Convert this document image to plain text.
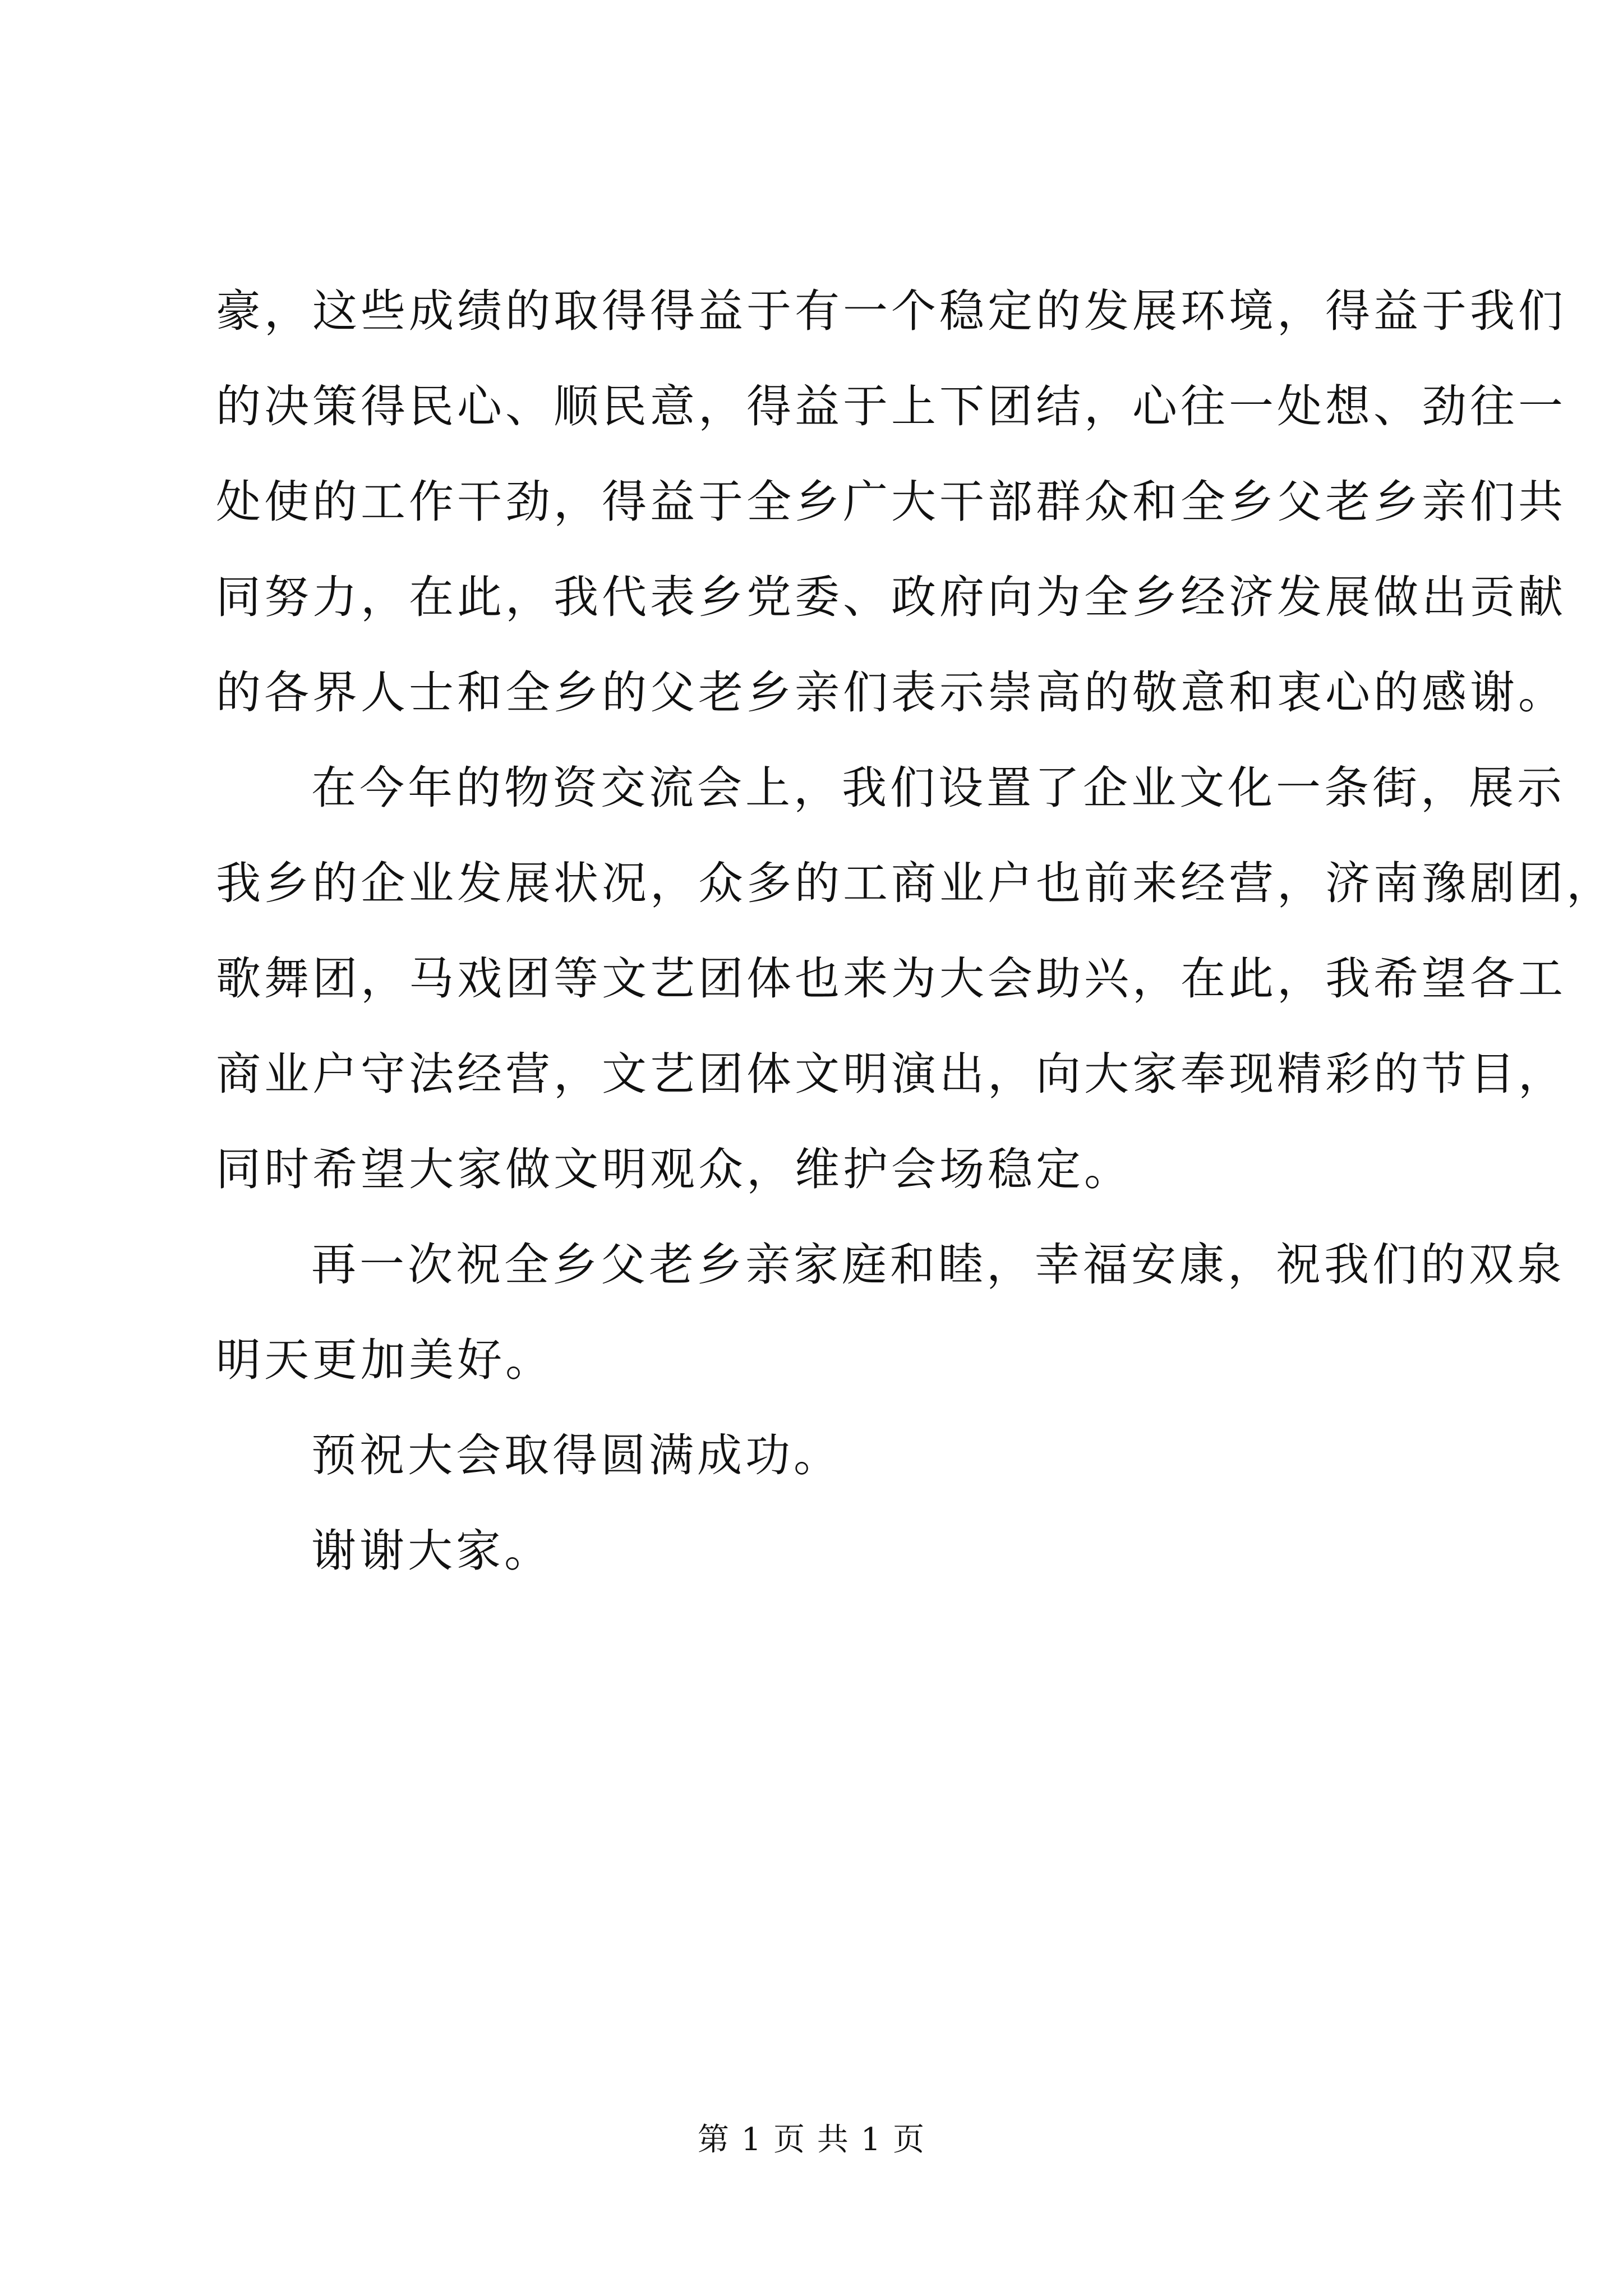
豪，这些成绩的取得得益于有一个稳定的发展环境，得益于我们
的决策得民心、顺民意，得益于上下团结，心往一处想、劲往一
处使的工作干劲，得益于全乡广大干部群众和全乡父老乡亲们共
同努力，在此，我代表乡党委、政府向为全乡经济发展做出贡献
的各界人士和全乡的父老乡亲们表示崇高的敬意和衷心的感谢。
在今年的物资交流会上，我们设置了企业文化一条街，展示
我乡的企业发展状况，众多的工商业户也前来经营，济南豫剧团，
歌舞团，马戏团等文艺团体也来为大会助兴，在此，我希望各工
商业户守法经营，文艺团体文明演出，向大家奉现精彩的节目，
同时希望大家做文明观众，维护会场稳定。
再一次祝全乡父老乡亲家庭和睦，幸福安康，祝我们的双泉
明天更加美好。
预祝大会取得圆满成功。
谢谢大家。
第 1 页 共 1 页
